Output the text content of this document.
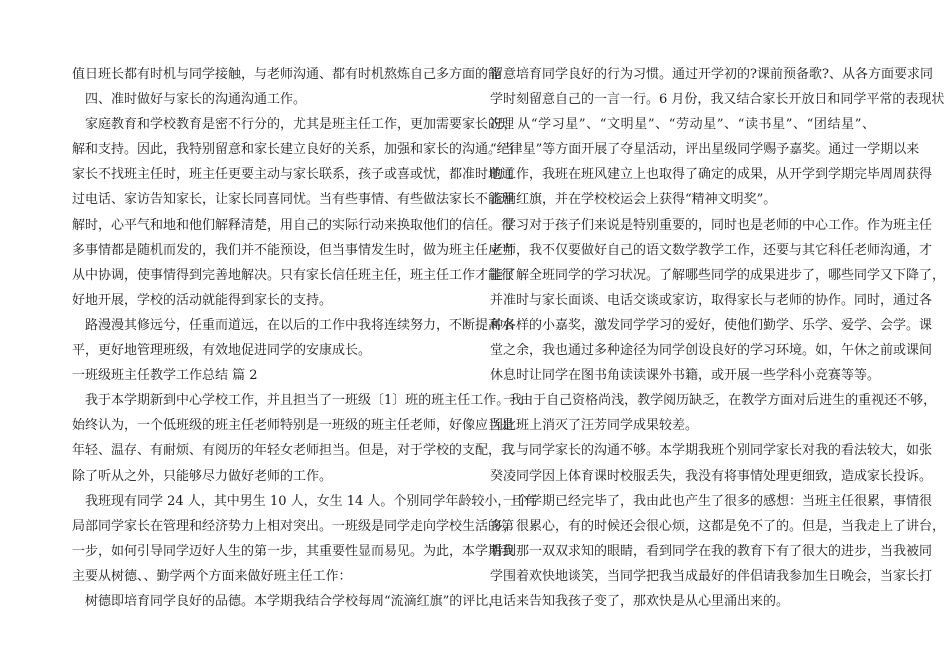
值日班长都有时机与同学接触，与老师沟通、都有时机熬炼自己多方面的能
四、准时做好与家长的沟通沟通工作。
家庭教育和学校教育是密不行分的，尤其是班主任工作，更加需要家长的理
解和支持。因此，我特别留意和家长建立良好的关系，加强和家长的沟通。当
家长不找班主任时，班主任更要主动与家长联系，孩子或喜或忧，都准时地通
过电话、家访告知家长，让家长同喜同忧。当有些事情、有些做法家长不能理
解时，心平气和地和他们解释清楚，用自己的实际行动来换取他们的信任。很
多事情都是随机而发的，我们并不能预设，但当事情发生时，做为班主任应当
从中协调，使事情得到完善地解决。只有家长信任班主任，班主任工作才能很
好地开展，学校的活动就能得到家长的支持。
路漫漫其修远兮，任重而道远，在以后的工作中我将连续努力，不断提高水
平，更好地管理班级，有效地促进同学的安康成长。
一班级班主任教学工作总结 篇 2
我于本学期新到中心学校工作，并且担当了一班级〔1〕班的班主任工作。我
始终认为，一个低班级的班主任老师特别是一班级的班主任老师，好像应当是
年轻、温存、有耐烦、有阅历的年轻女老师担当。但是，对于学校的支配，我
除了听从之外，只能够尽力做好老师的工作。
我班现有同学 24 人，其中男生 10 人，女生 14 人。个别同学年龄较小，且有
局部同学家长在管理和经济势力上相对突出。一班级是同学走向学校生活的第
一步，如何引导同学迈好人生的第一步，其重要性显而易见。为此，本学期我
主要从树德、、勤学两个方面来做好班主任工作：
树德即培育同学良好的品德。本学期我结合学校每周“流滴红旗”的评比，
留意培育同学良好的行为习惯。通过开学初的?课前预备歌?、从各方面要求同
学时刻留意自己的一言一行。6 月份，我又结合家长开放日和同学平常的表现状
况，从“学习星”、“文明星”、“劳动星”、“读书星”、“团结星”、
“纪律星”等方面开展了夺星活动，评出星级同学赐予嘉奖。通过一学期以来
的工作，我班在班风建立上也取得了确定的成果，从开学到学期完毕周周获得
流滴红旗，并在学校校运会上获得“精神文明奖”。
学习对于孩子们来说是特别重要的，同时也是老师的中心工作。作为班主任
老师，我不仅要做好自己的语文数学教学工作，还要与其它科任老师沟通，才
能了解全班同学的学习状况。了解哪些同学的成果进步了，哪些同学又下降了，
并准时与家长面谈、电话交谈或家访，取得家长与老师的协作。同时，通过各
种各样的小嘉奖，激发同学学习的爱好，使他们勤学、乐学、爱学、会学。课
堂之余，我也通过多种途径为同学创设良好的学习环境。如，午休之前或课间
休息时让同学在图书角读读课外书籍，或开展一些学科小竞赛等等。
一 由于自己资格尚浅，教学阅历缺乏，在教学方面对后进生的重视还不够，
因此班上消灭了汪芳同学成果较差。
二与同学家长的沟通不够。本学期我班个别同学家长对我的看法较大，如张
癸凌同学因上体育课时校服丢失，我没有将事情处理更细致，造成家长投诉。
一个学期已经完毕了，我由此也产生了很多的感想：当班主任很累，事情很
多，很累心，有的时候还会很心烦，这都是免不了的。但是，当我走上了讲台，
看到那一双双求知的眼睛，看到同学在我的教育下有了很大的进步，当我被同
学围着欢快地谈笑，当同学把我当成最好的伴侣请我参加生日晚会，当家长打
电话来告知我孩子变了，那欢快是从心里涌出来的。
